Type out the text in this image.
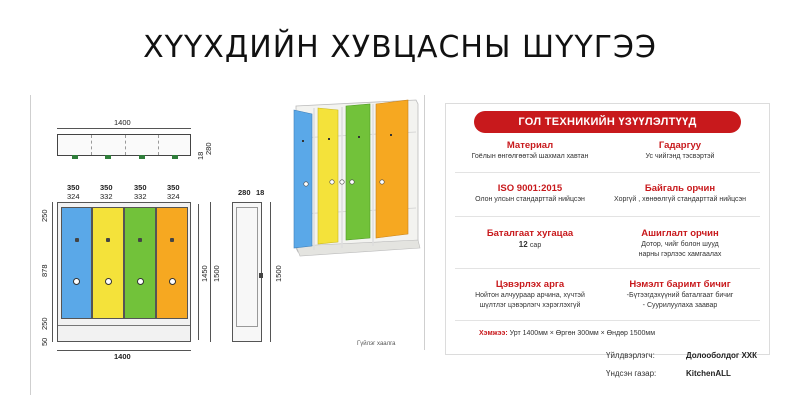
ХҮҮХДИЙН ХУВЦАСНЫ ШҮҮГЭЭ
1400
18
280
350	350	350	350
324	332	332	324
250
878
250
50
1450 1500
1400
280 18
1500
Гүйлэг хаалга
ГОЛ ТЕХНИКИЙН ҮЗҮҮЛЭЛТҮҮД
Материал
Гоёлын өнгөлгөөтэй шахмал хавтан
Гадаргуу
Ус чийгэнд тэсвэртэй
ISO 9001:2015
Олон улсын стандарттай нийцсэн
Байгаль орчин
Хоргүй , хөнөөлгүй стандарттай нийцсэн
Баталгаат хугацаа
12 сар
Ашиглалт орчин
Дотор, чийг болон шууд
нарны гэрлээс хамгаалах
Цэвэрлэх арга
Нойтон алчуураар арчина, хүчтэй
шүлтлэг цэвэрлэгч хэрэглэхгүй
Нэмэлт баримт бичиг
-Бүтээгдэхүүний баталгаат бичиг
- Суурилуулаха заавар
Хэмжээ: Урт 1400мм × Өргөн 300мм × Өндөр 1500мм
Үйлдвэрлэгч:	Долооболдог ХХК
Үндсэн газар:	KitchenALL
